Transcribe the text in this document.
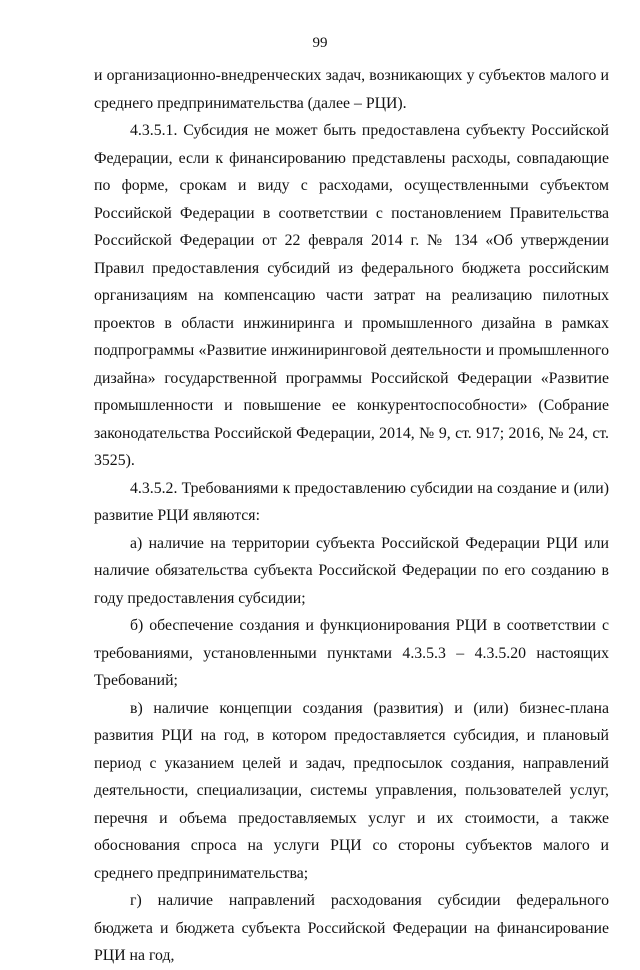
99

и организационно-внедренческих задач, возникающих у субъектов малого и среднего предпринимательства (далее – РЦИ).

4.3.5.1. Субсидия не может быть предоставлена субъекту Российской Федерации, если к финансированию представлены расходы, совпадающие по форме, срокам и виду с расходами, осуществленными субъектом Российской Федерации в соответствии с постановлением Правительства Российской Федерации от 22 февраля 2014 г. № 134 «Об утверждении Правил предоставления субсидий из федерального бюджета российским организациям на компенсацию части затрат на реализацию пилотных проектов в области инжиниринга и промышленного дизайна в рамках подпрограммы «Развитие инжиниринговой деятельности и промышленного дизайна» государственной программы Российской Федерации «Развитие промышленности и повышение ее конкурентоспособности» (Собрание законодательства Российской Федерации, 2014, № 9, ст. 917; 2016, № 24, ст. 3525).

4.3.5.2. Требованиями к предоставлению субсидии на создание и (или) развитие РЦИ являются:

а) наличие на территории субъекта Российской Федерации РЦИ или наличие обязательства субъекта Российской Федерации по его созданию в году предоставления субсидии;

б) обеспечение создания и функционирования РЦИ в соответствии с требованиями, установленными пунктами 4.3.5.3 – 4.3.5.20 настоящих Требований;

в) наличие концепции создания (развития) и (или) бизнес-плана развития РЦИ на год, в котором предоставляется субсидия, и плановый период с указанием целей и задач, предпосылок создания, направлений деятельности, специализации, системы управления, пользователей услуг, перечня и объема предоставляемых услуг и их стоимости, а также обоснования спроса на услуги РЦИ со стороны субъектов малого и среднего предпринимательства;

г) наличие направлений расходования субсидии федерального бюджета и бюджета субъекта Российской Федерации на финансирование РЦИ на год,
